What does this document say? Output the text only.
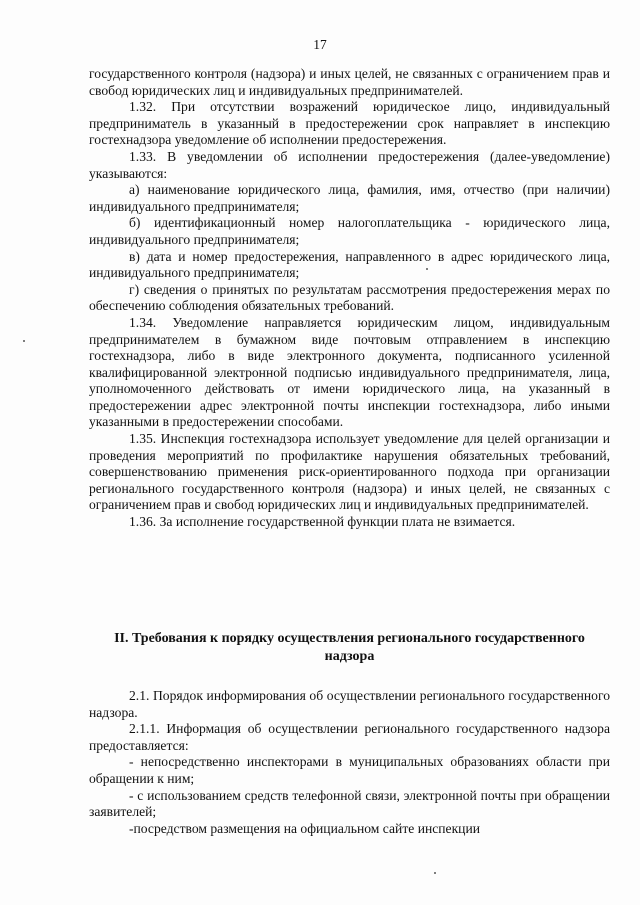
17

государственного контроля (надзора) и иных целей, не связанных с ограничением прав и свобод юридических лиц и индивидуальных предпринимателей.

1.32. При отсутствии возражений юридическое лицо, индивидуальный предприниматель в указанный в предостережении срок направляет в инспекцию гостехнадзора уведомление об исполнении предостережения.

1.33. В уведомлении об исполнении предостережения (далее-уведомление) указываются:

а) наименование юридического лица, фамилия, имя, отчество (при наличии) индивидуального предпринимателя;

б) идентификационный номер налогоплательщика - юридического лица, индивидуального предпринимателя;

в) дата и номер предостережения, направленного в адрес юридического лица, индивидуального предпринимателя;

г) сведения о принятых по результатам рассмотрения предостережения мерах по обеспечению соблюдения обязательных требований.

1.34. Уведомление направляется юридическим лицом, индивидуальным предпринимателем в бумажном виде почтовым отправлением в инспекцию гостехнадзора, либо в виде электронного документа, подписанного усиленной квалифицированной электронной подписью индивидуального предпринимателя, лица, уполномоченного действовать от имени юридического лица, на указанный в предостережении адрес электронной почты инспекции гостехнадзора, либо иными указанными в предостережении способами.

1.35. Инспекция гостехнадзора использует уведомление для целей организации и проведения мероприятий по профилактике нарушения обязательных требований, совершенствованию применения риск-ориентированного подхода при организации регионального государственного контроля (надзора) и иных целей, не связанных с ограничением прав и свобод юридических лиц и индивидуальных предпринимателей.

1.36. За исполнение государственной функции плата не взимается.

II. Требования к порядку осуществления регионального государственного
надзора

2.1. Порядок информирования об осуществлении регионального государственного надзора.

2.1.1. Информация об осуществлении регионального государственного надзора предоставляется:

- непосредственно инспекторами в муниципальных образованиях области при обращении к ним;

- с использованием средств телефонной связи, электронной почты при обращении заявителей;

-посредством размещения на официальном сайте инспекции
